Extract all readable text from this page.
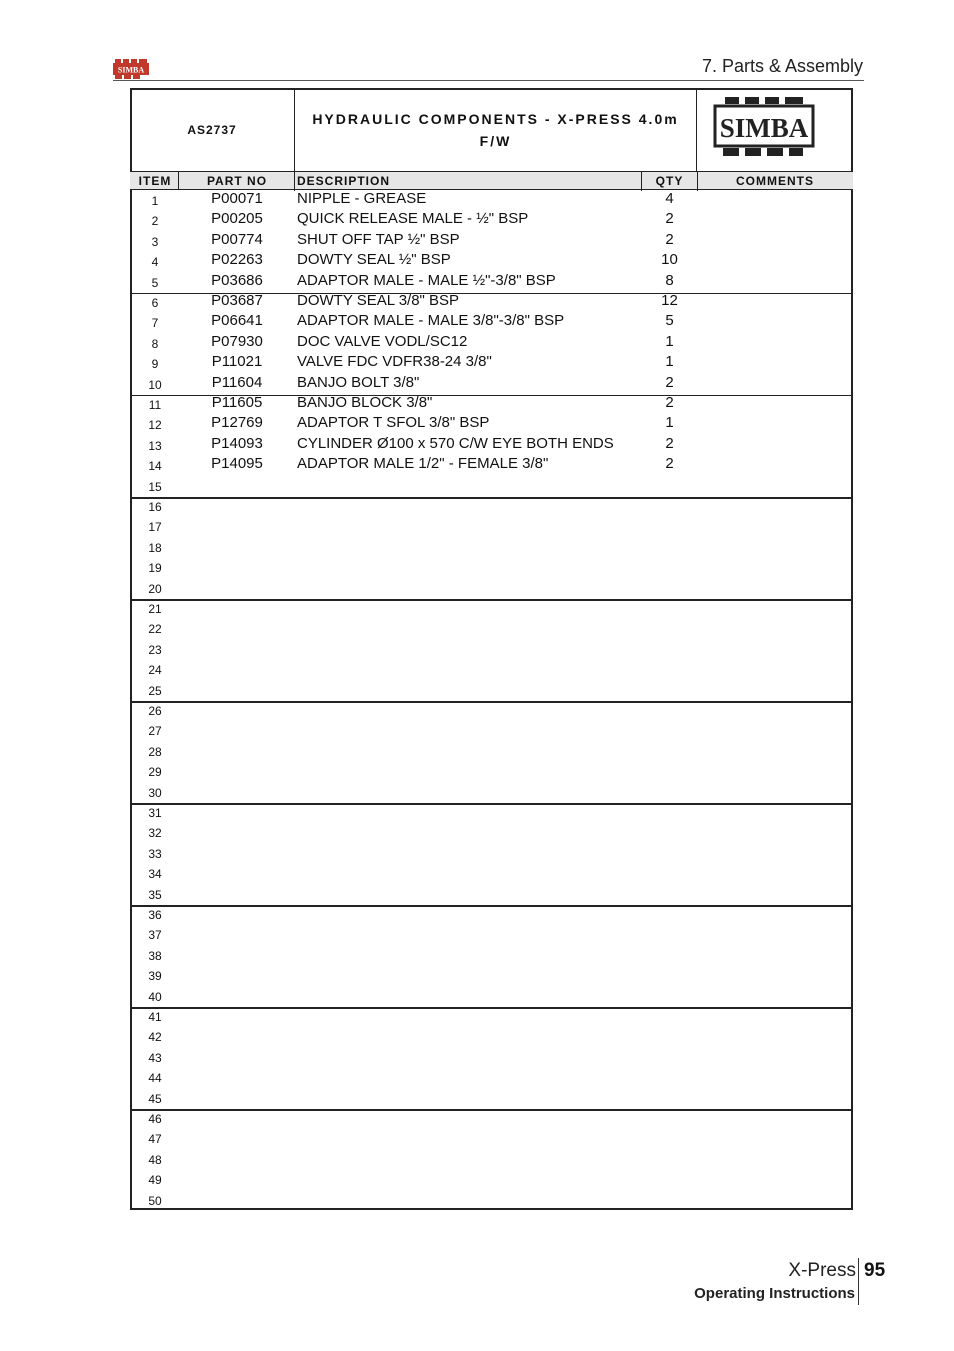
SIMBA	7. Parts & Assembly
AS2737
HYDRAULIC COMPONENTS - X-PRESS 4.0m F/W	SIMBA
ITEM	PART NO	DESCRIPTION	QTY	COMMENTS
1	P00071	NIPPLE - GREASE	4
2	P00205	QUICK RELEASE MALE - ½" BSP	2
3	P00774	SHUT OFF TAP ½" BSP	2
4	P02263	DOWTY SEAL ½" BSP	10
5	P03686	ADAPTOR MALE - MALE ½"-3/8" BSP	8
6	P03687	DOWTY SEAL 3/8" BSP	12
7	P06641	ADAPTOR MALE - MALE 3/8"-3/8" BSP	5
8	P07930	DOC VALVE VODL/SC12	1
9	P11021	VALVE FDC VDFR38-24 3/8"	1
10	P11604	BANJO BOLT 3/8"	2
11	P11605	BANJO BLOCK 3/8"	2
12	P12769	ADAPTOR T SFOL 3/8" BSP	1
13	P14093	CYLINDER Ø100 x 570 C/W EYE BOTH ENDS	2
14	P14095	ADAPTOR MALE 1/2" - FEMALE 3/8"	2
15
16
17
18
19
20
21
22
23
24
25
26
27
28
29
30
31
32
33
34
35
36
37
38
39
40
41
42
43
44
45
46
47
48
49
50
X-Press 95
Operating Instructions
